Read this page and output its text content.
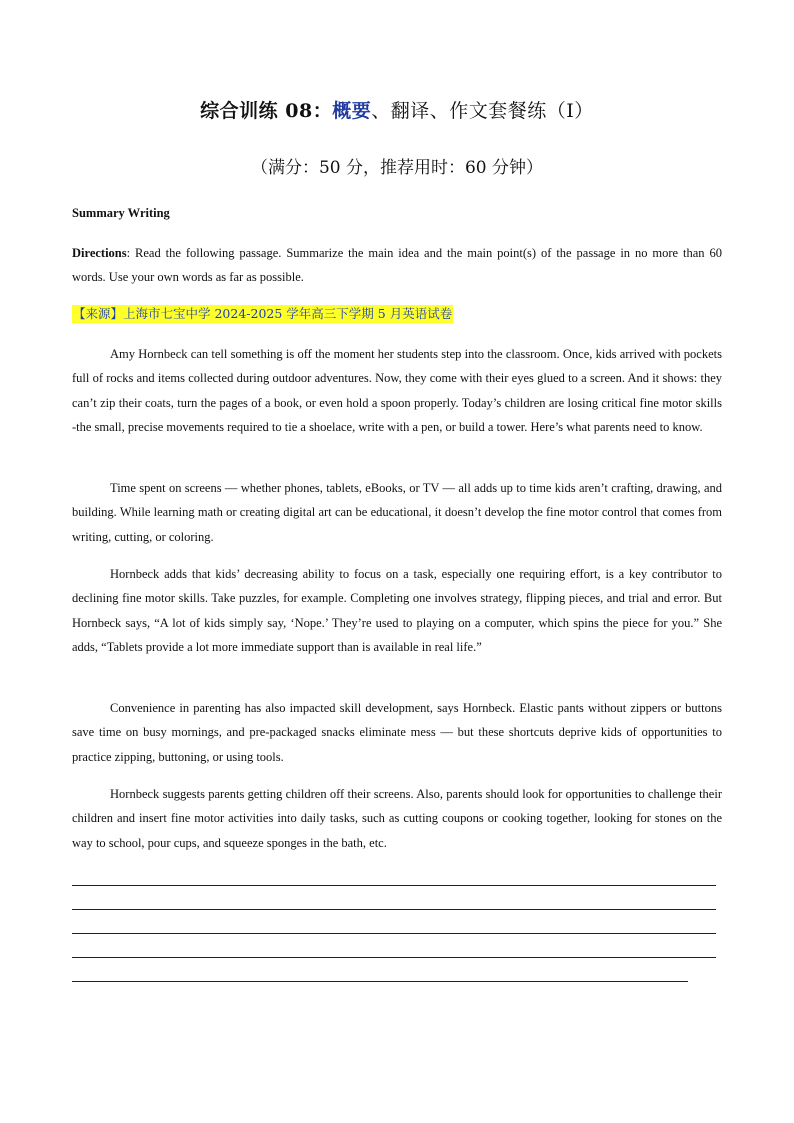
综合训练 08：概要、翻译、作文套餐练（I）
（满分：50 分，推荐用时：60 分钟）
Summary Writing
Directions: Read the following passage. Summarize the main idea and the main point(s) of the passage in no more than 60 words. Use your own words as far as possible.
【来源】上海市七宝中学 2024-2025 学年高三下学期 5 月英语试卷

Amy Hornbeck can tell something is off the moment her students step into the classroom. Once, kids arrived with pockets full of rocks and items collected during outdoor adventures. Now, they come with their eyes glued to a screen. And it shows: they can’t zip their coats, turn the pages of a book, or even hold a spoon properly. Today’s children are losing critical fine motor skills -the small, precise movements required to tie a shoelace, write with a pen, or build a tower. Here’s what parents need to know.

Time spent on screens — whether phones, tablets, eBooks, or TV — all adds up to time kids aren’t crafting, drawing, and building. While learning math or creating digital art can be educational, it doesn’t develop the fine motor control that comes from writing, cutting, or coloring.

Hornbeck adds that kids’ decreasing ability to focus on a task, especially one requiring effort, is a key contributor to declining fine motor skills. Take puzzles, for example. Completing one involves strategy, flipping pieces, and trial and error. But Hornbeck says, “A lot of kids simply say, ‘Nope.’ They’re used to playing on a computer, which spins the piece for you.” She adds, “Tablets provide a lot more immediate support than is available in real life.”

Convenience in parenting has also impacted skill development, says Hornbeck. Elastic pants without zippers or buttons save time on busy mornings, and pre-packaged snacks eliminate mess — but these shortcuts deprive kids of opportunities to practice zipping, buttoning, or using tools.

Hornbeck suggests parents getting children off their screens. Also, parents should look for opportunities to challenge their children and insert fine motor activities into daily tasks, such as cutting coupons or cooking together, looking for stones on the way to school, pour cups, and squeeze sponges in the bath, etc.
